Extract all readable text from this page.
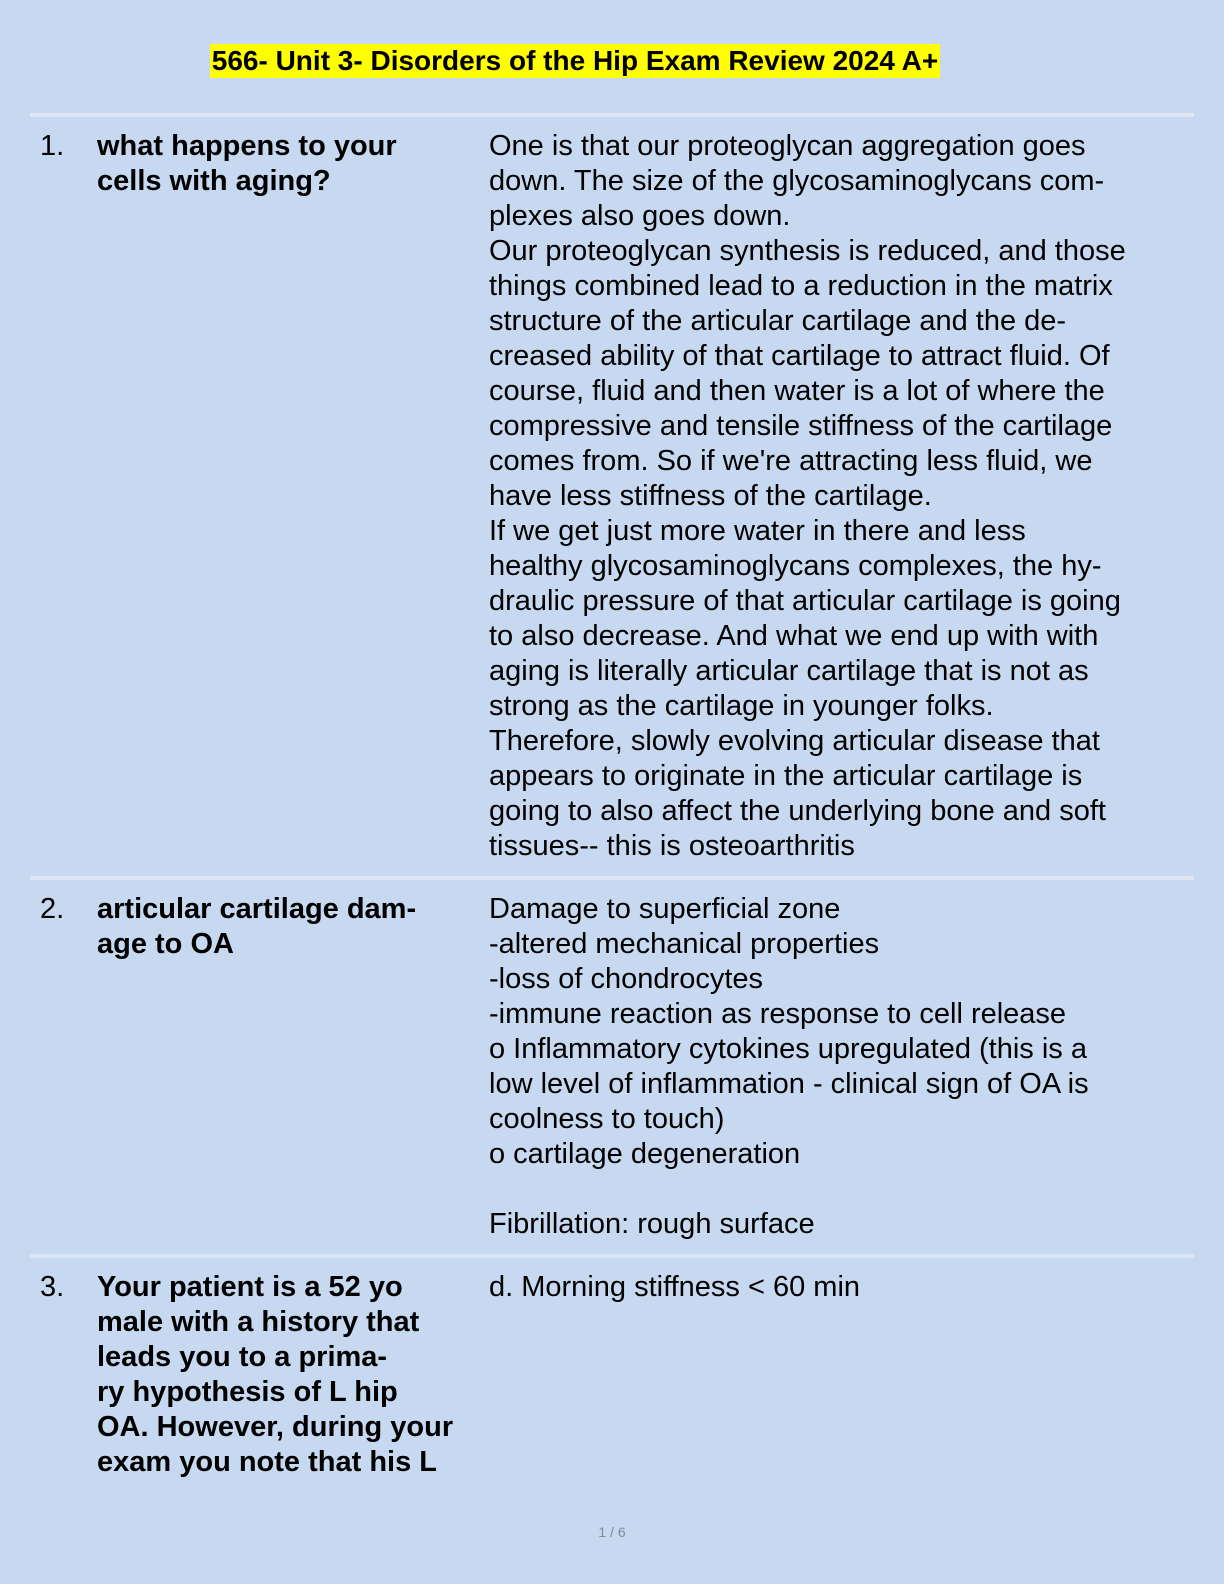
566- Unit 3- Disorders of the Hip Exam Review 2024 A+
1. what happens to your
cells with aging?
One is that our proteoglycan aggregation goes
down. The size of the glycosaminoglycans com-
plexes also goes down.
Our proteoglycan synthesis is reduced, and those
things combined lead to a reduction in the matrix
structure of the articular cartilage and the de-
creased ability of that cartilage to attract fluid. Of
course, fluid and then water is a lot of where the
compressive and tensile stiffness of the cartilage
comes from. So if we're attracting less fluid, we
have less stiffness of the cartilage.
If we get just more water in there and less
healthy glycosaminoglycans complexes, the hy-
draulic pressure of that articular cartilage is going
to also decrease. And what we end up with with
aging is literally articular cartilage that is not as
strong as the cartilage in younger folks.
Therefore, slowly evolving articular disease that
appears to originate in the articular cartilage is
going to also affect the underlying bone and soft
tissues-- this is osteoarthritis
2. articular cartilage dam-
age to OA
Damage to superficial zone
-altered mechanical properties
-loss of chondrocytes
-immune reaction as response to cell release
o Inflammatory cytokines upregulated (this is a
low level of inflammation - clinical sign of OA is
coolness to touch)
o cartilage degeneration
Fibrillation: rough surface
3. Your patient is a 52 yo
male with a history that
leads you to a prima-
ry hypothesis of L hip
OA. However, during your
exam you note that his L
d. Morning stiffness < 60 min
1 / 6
